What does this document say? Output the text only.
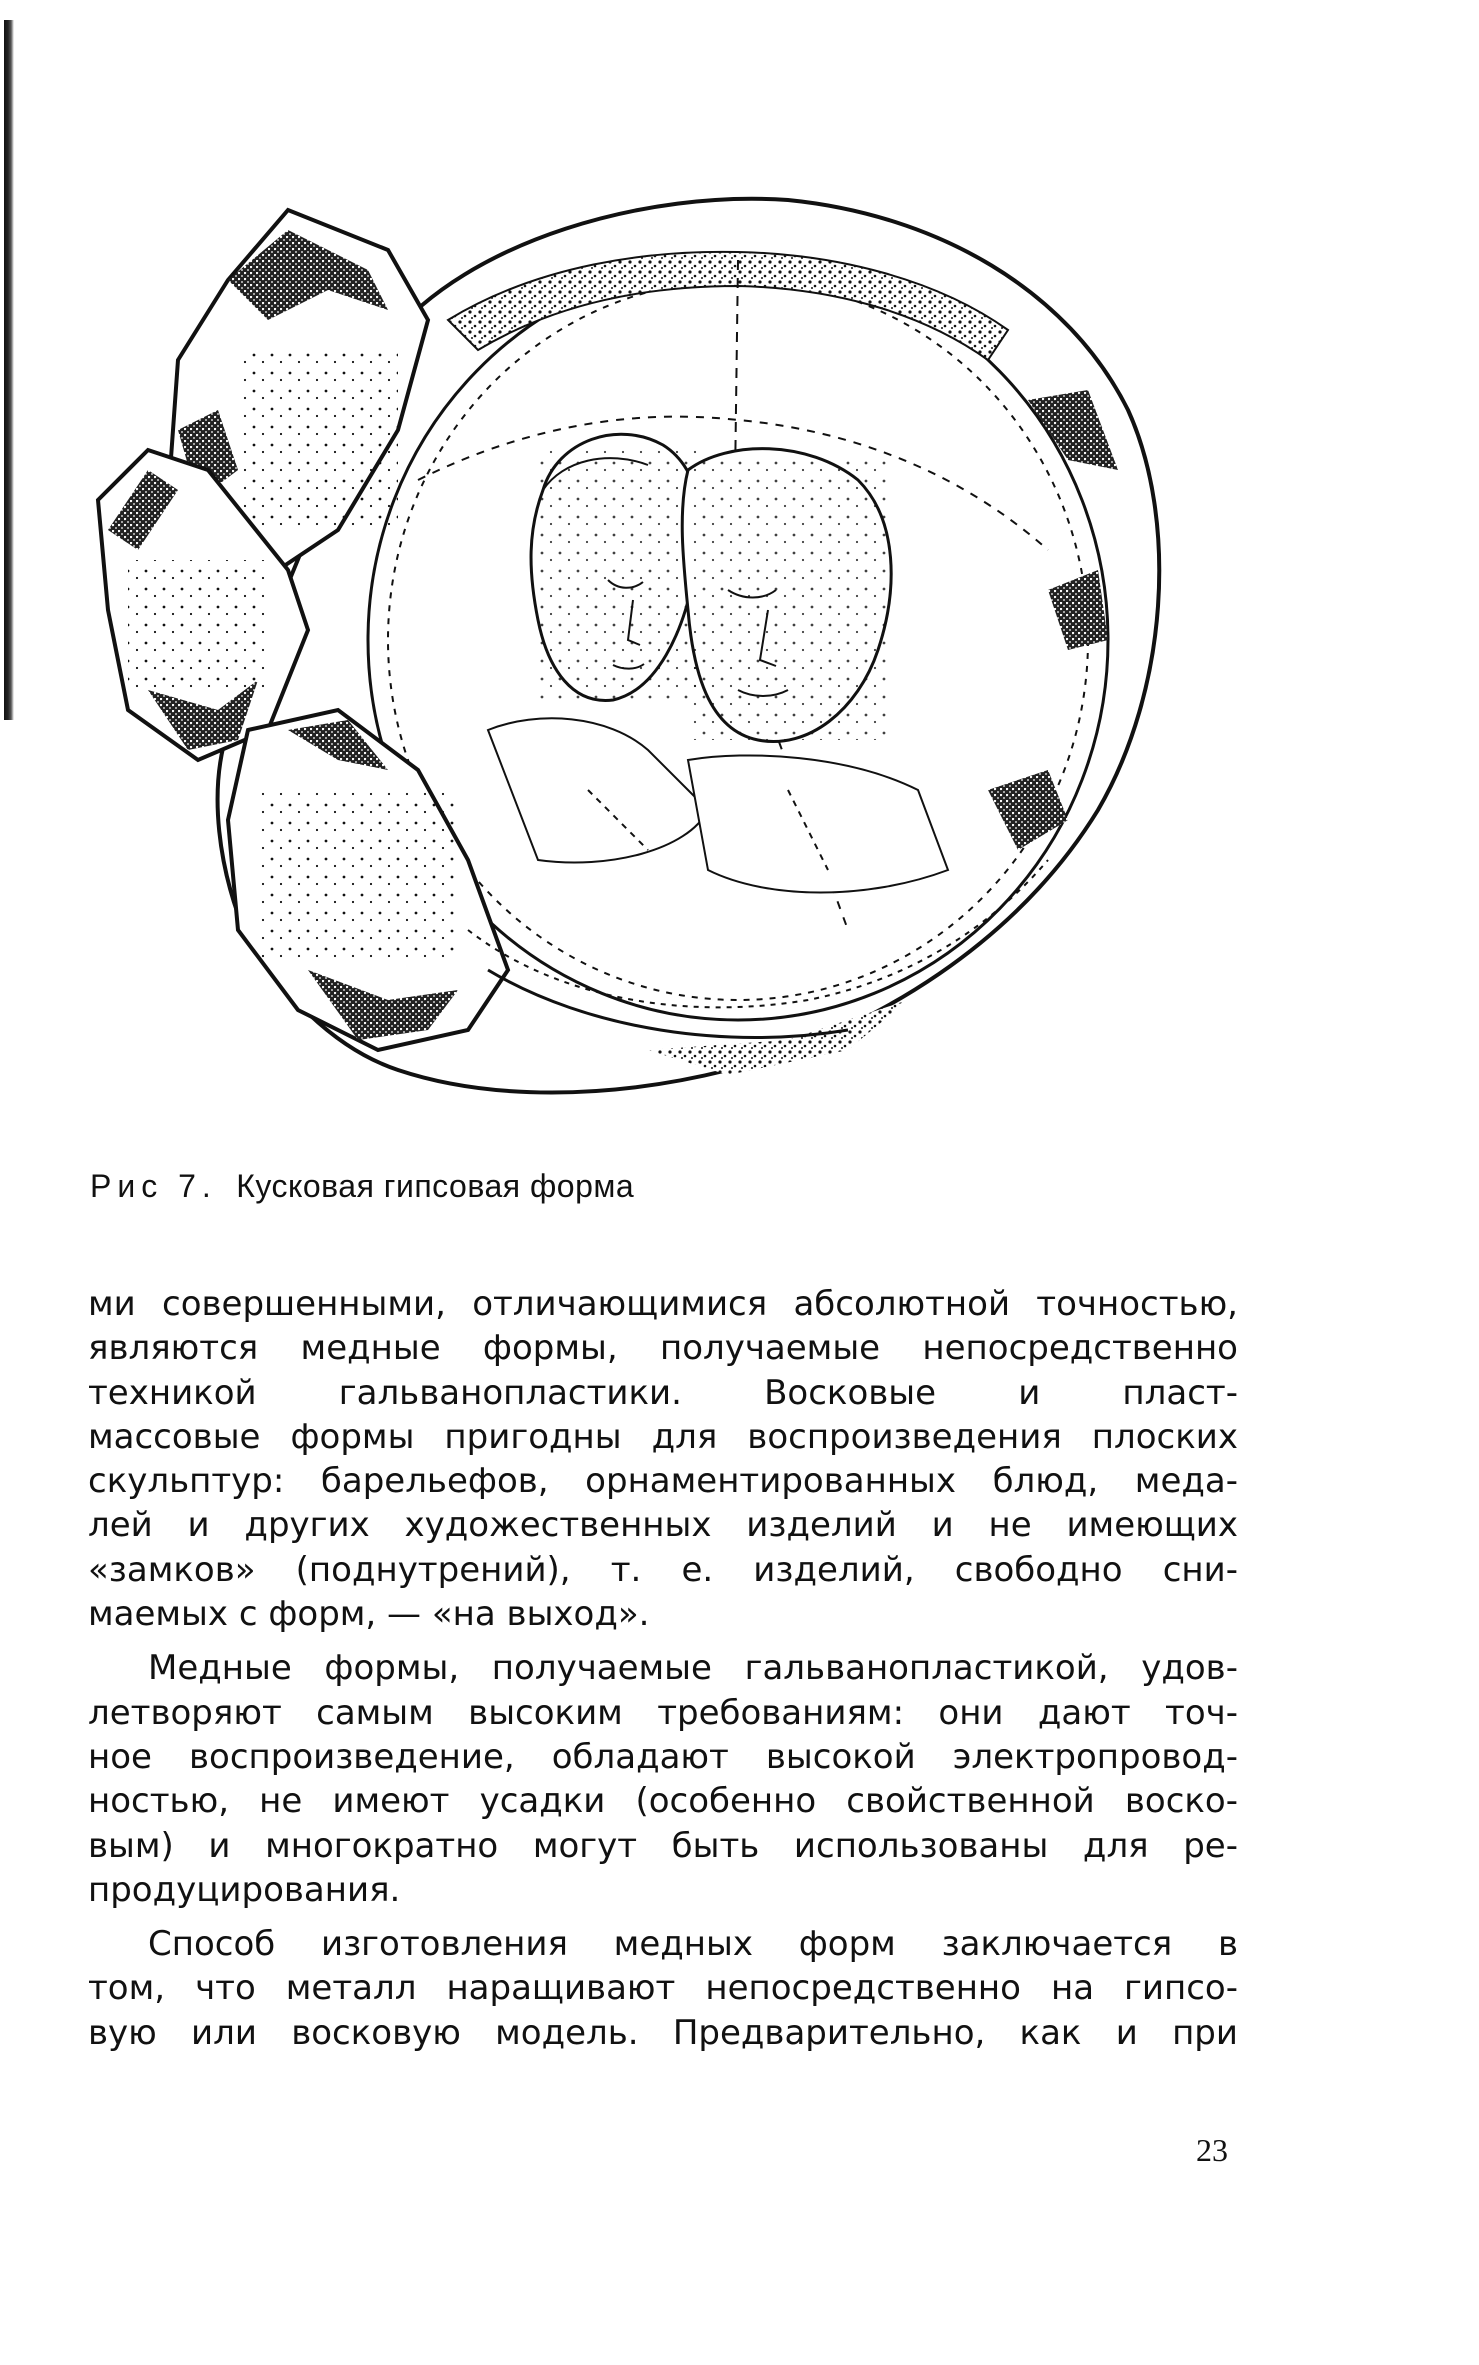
Рис 7. Кусковая гипсовая форма

ми совершенными, отличающимися абсолютной точностью,
являются медные формы, получаемые непосредственно
техникой гальванопластики. Восковые и пласт-
массовые формы пригодны для воспроизведения плоских
скульптур: барельефов, орнаментированных блюд, меда-
лей и других художественных изделий и не имеющих
«замков» (поднутрений), т. е. изделий, свободно сни-
маемых с форм, — «на выход».

Медные формы, получаемые гальванопластикой, удов-
летворяют самым высоким требованиям: они дают точ-
ное воспроизведение, обладают высокой электропровод-
ностью, не имеют усадки (особенно свойственной воско-
вым) и многократно могут быть использованы для ре-
продуцирования.

Способ изготовления медных форм заключается в
том, что металл наращивают непосредственно на гипсо-
вую или восковую модель. Предварительно, как и при

23
